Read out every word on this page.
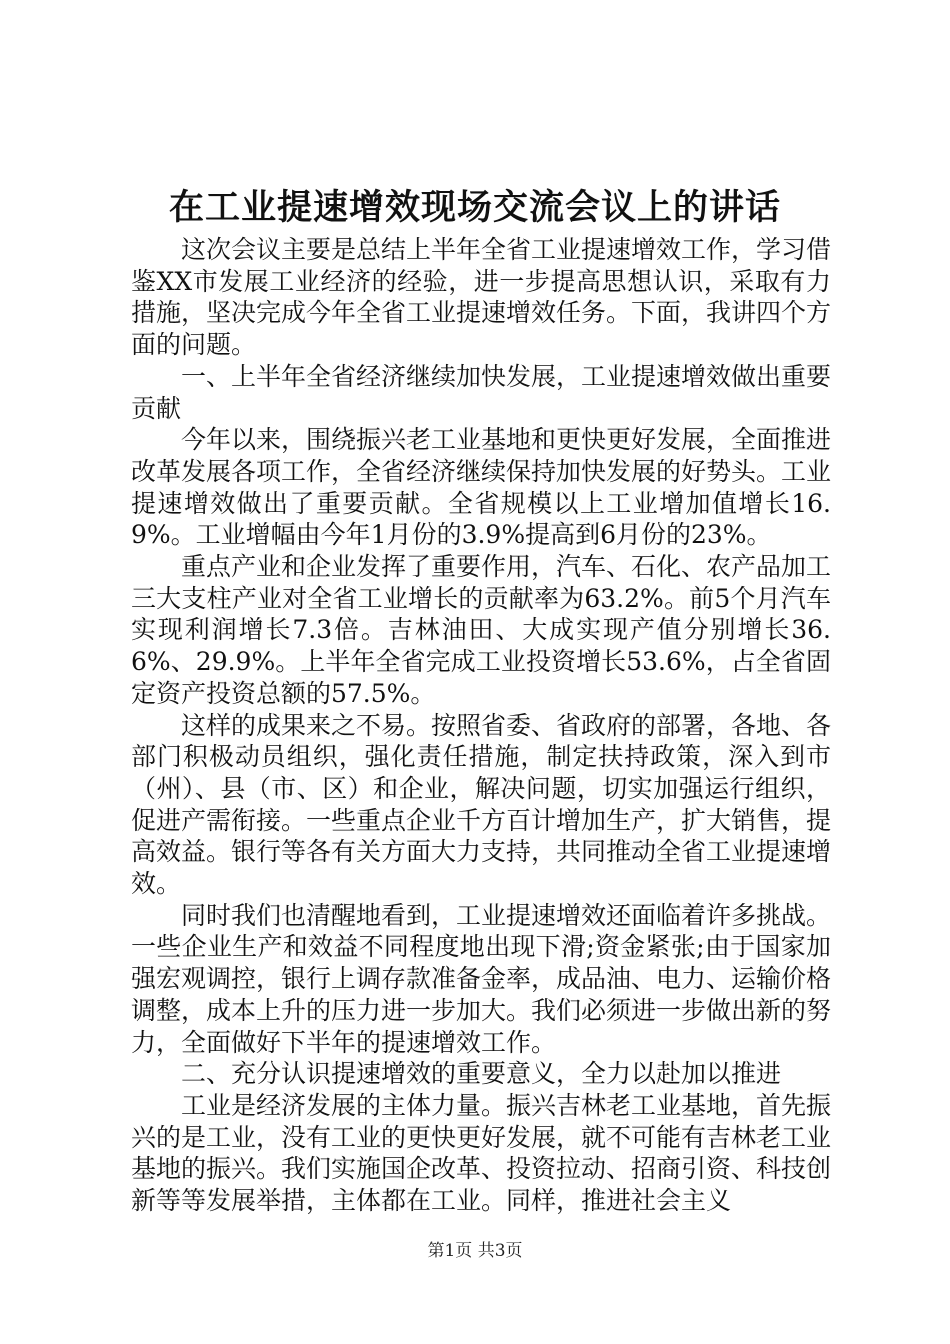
在工业提速增效现场交流会议上的讲话

这次会议主要是总结上半年全省工业提速增效工作，学习借鉴XX市发展工业经济的经验，进一步提高思想认识，采取有力措施，坚决完成今年全省工业提速增效任务。下面，我讲四个方面的问题。

一、上半年全省经济继续加快发展，工业提速增效做出重要贡献

今年以来，围绕振兴老工业基地和更快更好发展，全面推进改革发展各项工作，全省经济继续保持加快发展的好势头。工业提速增效做出了重要贡献。全省规模以上工业增加值增长16.9%。工业增幅由今年1月份的3.9%提高到6月份的23%。

重点产业和企业发挥了重要作用，汽车、石化、农产品加工三大支柱产业对全省工业增长的贡献率为63.2%。前5个月汽车实现利润增长7.3倍。吉林油田、大成实现产值分别增长36.6%、29.9%。上半年全省完成工业投资增长53.6%，占全省固定资产投资总额的57.5%。

这样的成果来之不易。按照省委、省政府的部署，各地、各部门积极动员组织，强化责任措施，制定扶持政策，深入到市（州）、县（市、区）和企业，解决问题，切实加强运行组织，促进产需衔接。一些重点企业千方百计增加生产，扩大销售，提高效益。银行等各有关方面大力支持，共同推动全省工业提速增效。

同时我们也清醒地看到，工业提速增效还面临着许多挑战。一些企业生产和效益不同程度地出现下滑;资金紧张;由于国家加强宏观调控，银行上调存款准备金率，成品油、电力、运输价格调整，成本上升的压力进一步加大。我们必须进一步做出新的努力，全面做好下半年的提速增效工作。

二、充分认识提速增效的重要意义，全力以赴加以推进

工业是经济发展的主体力量。振兴吉林老工业基地，首先振兴的是工业，没有工业的更快更好发展，就不可能有吉林老工业基地的振兴。我们实施国企改革、投资拉动、招商引资、科技创新等等发展举措，主体都在工业。同样，推进社会主义

第1页 共3页
